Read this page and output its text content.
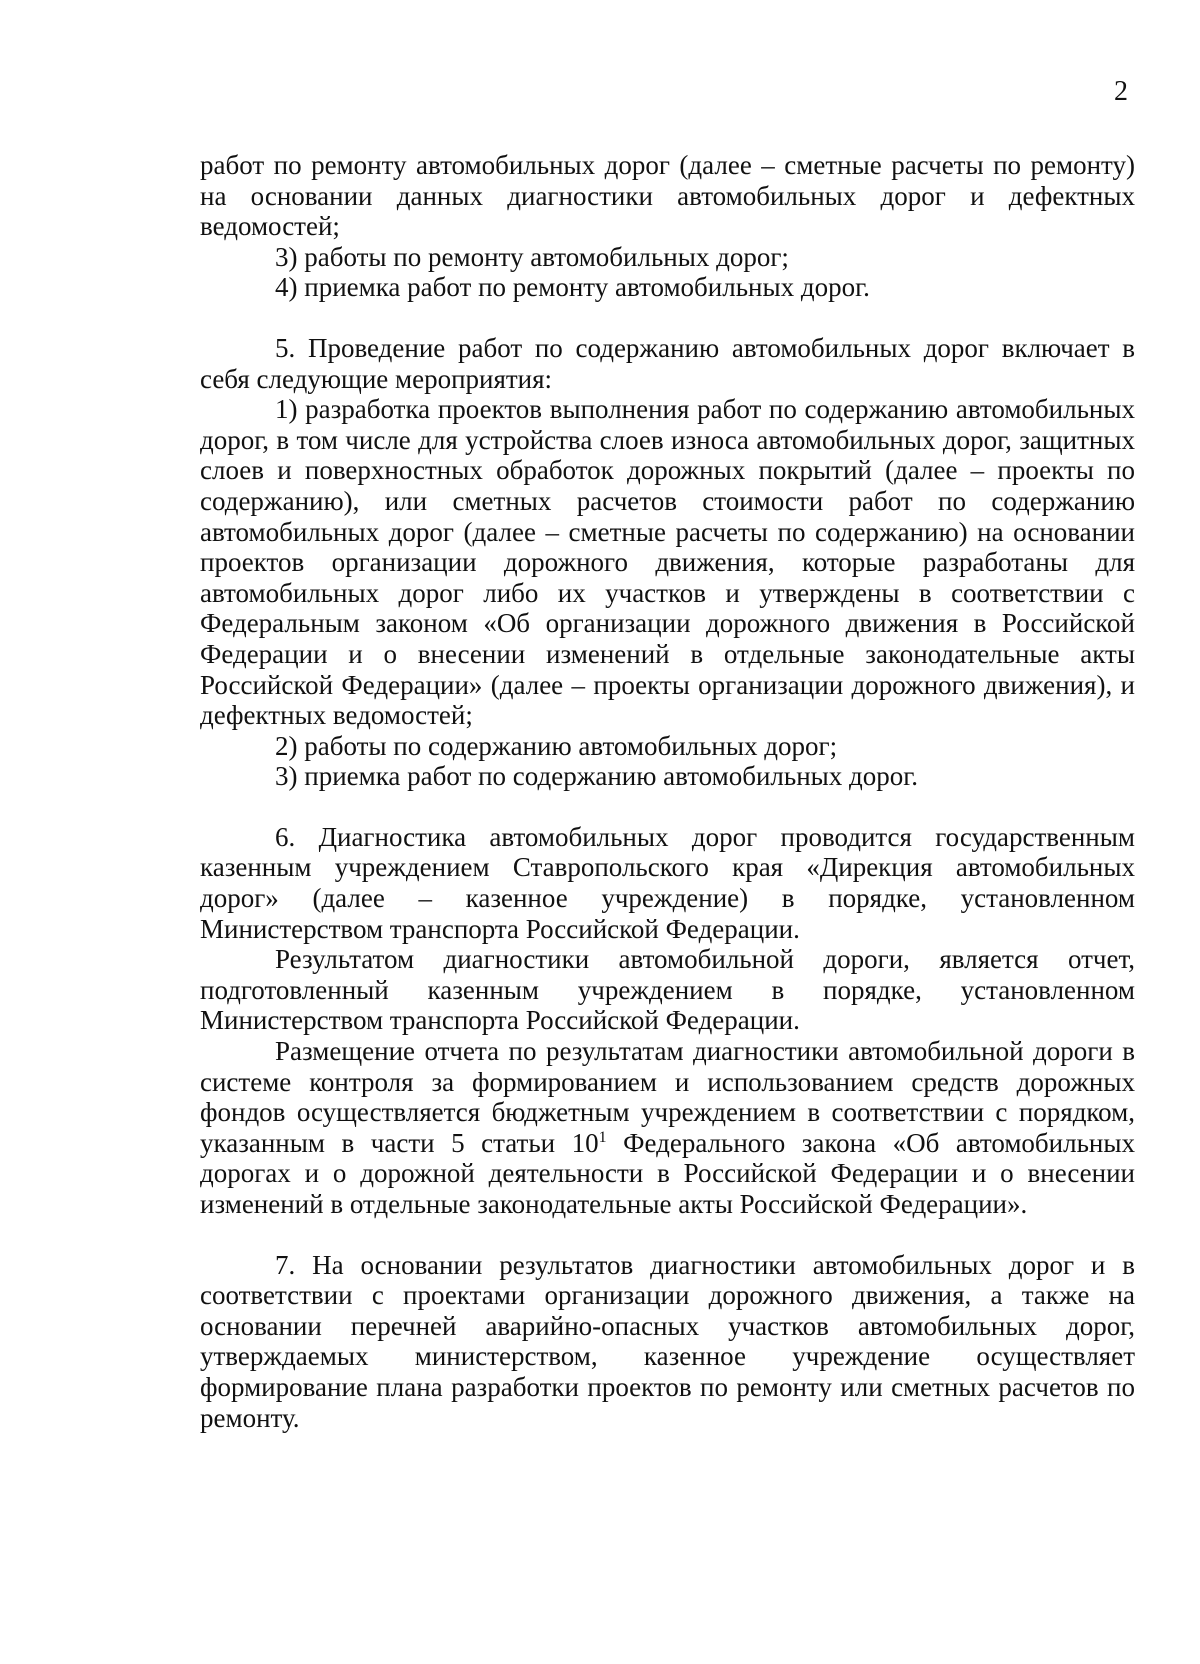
2

работ по ремонту автомобильных дорог (далее – сметные расчеты по ремонту) на основании данных диагностики автомобильных дорог и дефектных ведомостей;

3) работы по ремонту автомобильных дорог;

4) приемка работ по ремонту автомобильных дорог.

5. Проведение работ по содержанию автомобильных дорог включает в себя следующие мероприятия:

1) разработка проектов выполнения работ по содержанию автомобильных дорог, в том числе для устройства слоев износа автомобильных дорог, защитных слоев и поверхностных обработок дорожных покрытий (далее – проекты по содержанию), или сметных расчетов стоимости работ по содержанию автомобильных дорог (далее – сметные расчеты по содержанию) на основании проектов организации дорожного движения, которые разработаны для автомобильных дорог либо их участков и утверждены в соответствии с Федеральным законом «Об организации дорожного движения в Российской Федерации и о внесении изменений в отдельные законодательные акты Российской Федерации» (далее – проекты организации дорожного движения), и дефектных ведомостей;

2) работы по содержанию автомобильных дорог;

3) приемка работ по содержанию автомобильных дорог.

6. Диагностика автомобильных дорог проводится государственным казенным учреждением Ставропольского края «Дирекция автомобильных дорог» (далее – казенное учреждение) в порядке, установленном Министерством транспорта Российской Федерации.

Результатом диагностики автомобильной дороги, является отчет, подготовленный казенным учреждением в порядке, установленном Министерством транспорта Российской Федерации.

Размещение отчета по результатам диагностики автомобильной дороги в системе контроля за формированием и использованием средств дорожных фондов осуществляется бюджетным учреждением в соответствии с порядком, указанным в части 5 статьи $10^1$ Федерального закона «Об автомобильных дорогах и о дорожной деятельности в Российской Федерации и о внесении изменений в отдельные законодательные акты Российской Федерации».

7. На основании результатов диагностики автомобильных дорог и в соответствии с проектами организации дорожного движения, а также на основании перечней аварийно-опасных участков автомобильных дорог, утверждаемых министерством, казенное учреждение осуществляет формирование плана разработки проектов по ремонту или сметных расчетов по ремонту.
